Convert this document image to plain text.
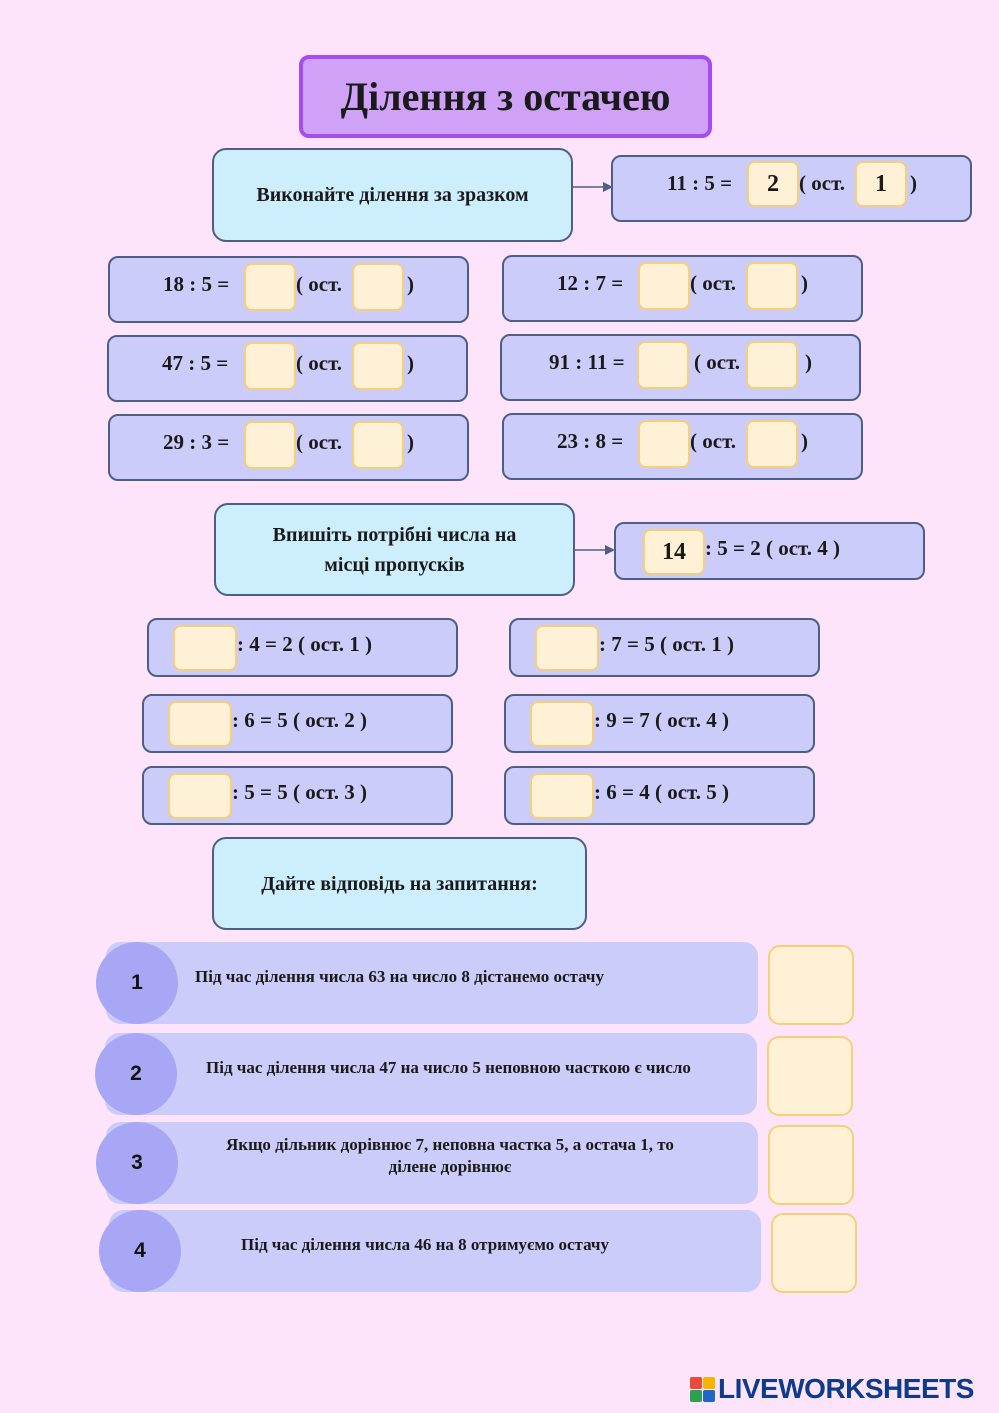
Ділення з остачею
Виконайте ділення за зразком	11 : 5 =	2 ( ост.	1	)
18 : 5 =	( ост.	)	12 : 7 =	( ост.	)
47 : 5 =	( ост.	)	91 : 11 =	( ост.	)
29 : 3 =	( ост.	)	23 : 8 =	( ост.	)
Впишіть потрібні числа на
місці пропусків	14 : 5 = 2 ( ост. 4 )
: 4 = 2 ( ост. 1 )	: 7 = 5 ( ост. 1 )
: 6 = 5 ( ост. 2 )	: 9 = 7 ( ост. 4 )
: 5 = 5 ( ост. 3 )	: 6 = 4 ( ост. 5 )
Дайте відповідь на запитання:
Під час ділення числа 63 на число 8 дістанемо остачу
1
Під час ділення числа 47 на число 5 неповною часткою є число
2
Якщо дільник дорівнює 7, неповна частка 5, а остача 1, то
ділене дорівнює
3
Під час ділення числа 46 на 8 отримуємо остачу
4
LIVEWORKSHEETS
